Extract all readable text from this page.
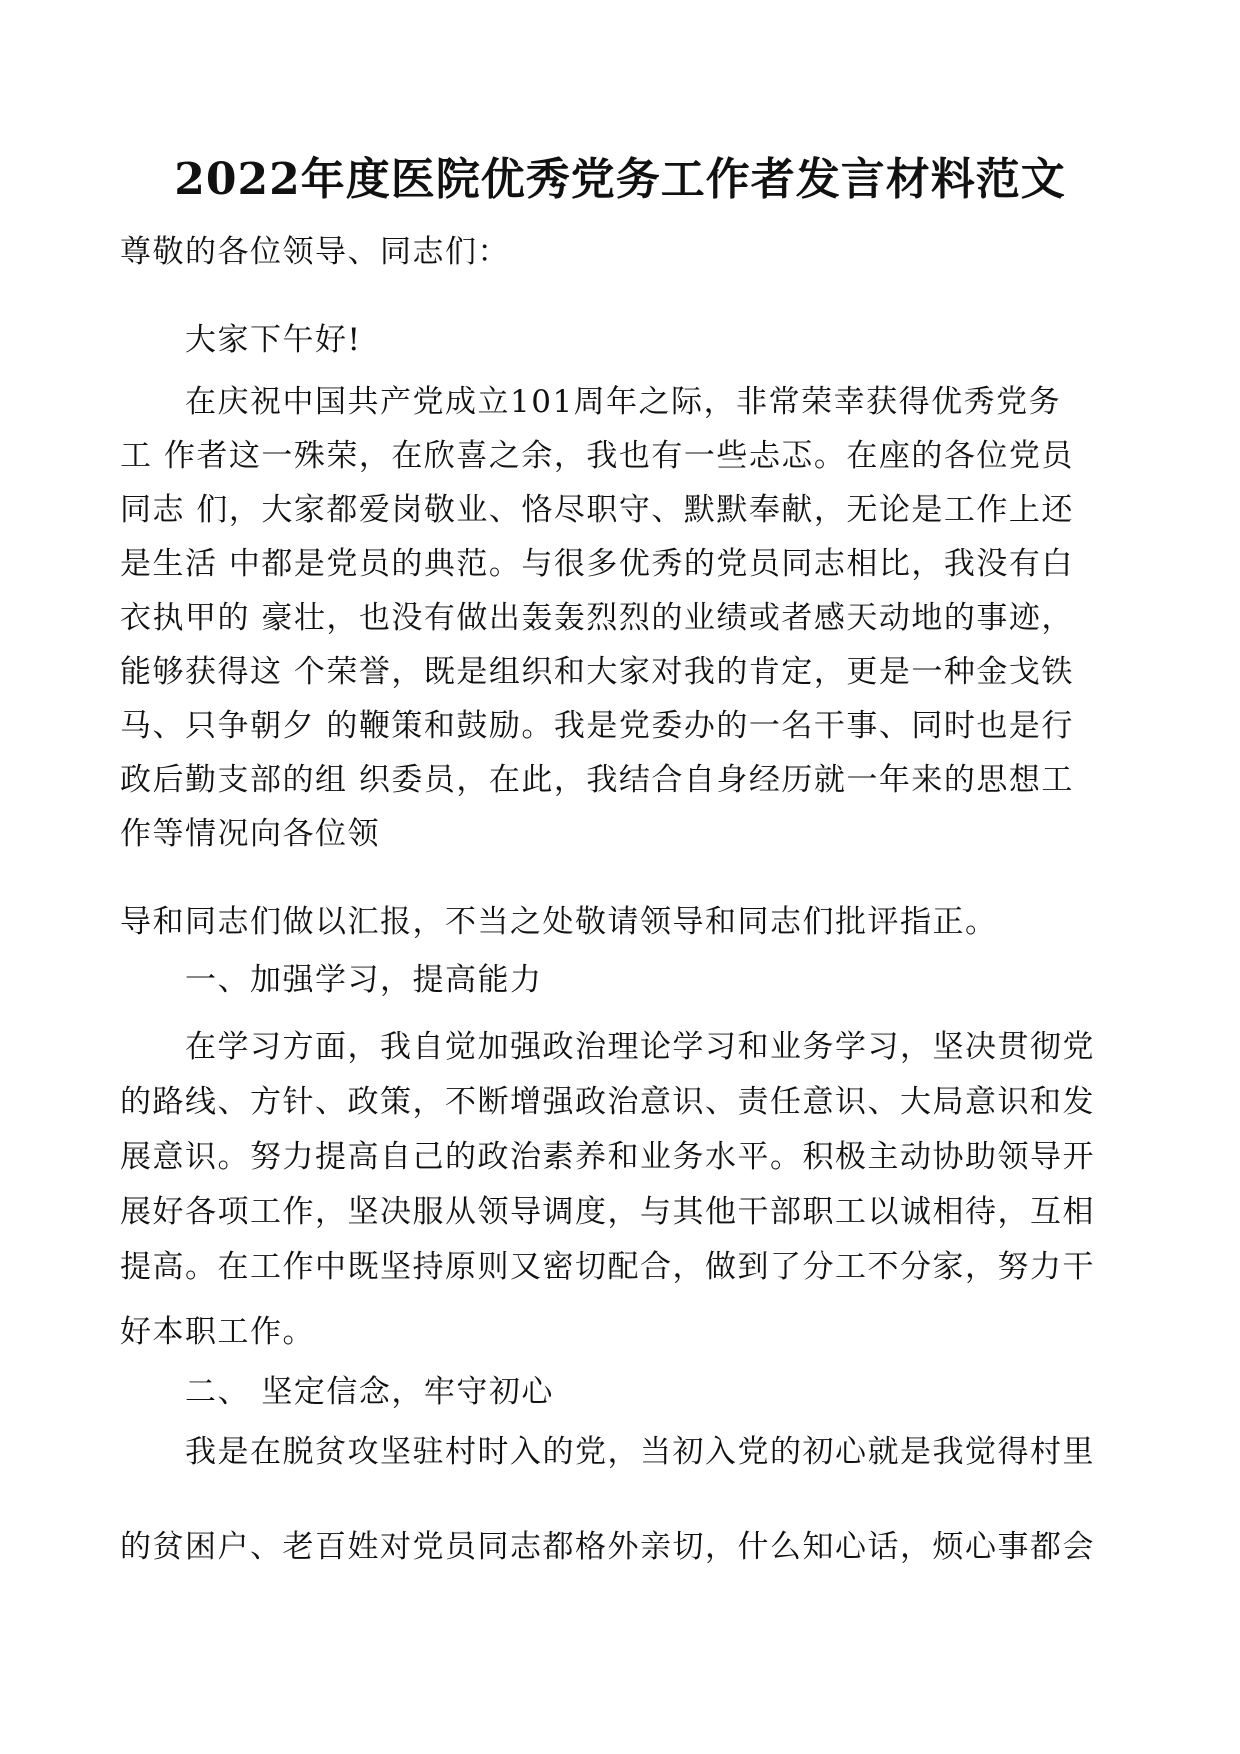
2022年度医院优秀党务工作者发言材料范文
尊敬的各位领导、同志们：
大家下午好!
在庆祝中国共产党成立101周年之际，非常荣幸获得优秀党务
工 作者这一殊荣，在欣喜之余，我也有一些忐忑。在座的各位党员
同志 们，大家都爱岗敬业、恪尽职守、默默奉献，无论是工作上还
是生活 中都是党员的典范。与很多优秀的党员同志相比，我没有白
衣执甲的 豪壮，也没有做出轰轰烈烈的业绩或者感天动地的事迹，
能够获得这 个荣誉，既是组织和大家对我的肯定，更是一种金戈铁
马、只争朝夕 的鞭策和鼓励。我是党委办的一名干事、同时也是行
政后勤支部的组 织委员，在此，我结合自身经历就一年来的思想工
作等情况向各位领
导和同志们做以汇报，不当之处敬请领导和同志们批评指正。
一、加强学习，提高能力
在学习方面，我自觉加强政治理论学习和业务学习，坚决贯彻党
的路线、方针、政策，不断增强政治意识、责任意识、大局意识和发
展意识。努力提高自己的政治素养和业务水平。积极主动协助领导开
展好各项工作，坚决服从领导调度，与其他干部职工以诚相待，互相
提高。在工作中既坚持原则又密切配合，做到了分工不分家，努力干
好本职工作。
二、 坚定信念，牢守初心
我是在脱贫攻坚驻村时入的党，当初入党的初心就是我觉得村里
的贫困户、老百姓对党员同志都格外亲切，什么知心话，烦心事都会
